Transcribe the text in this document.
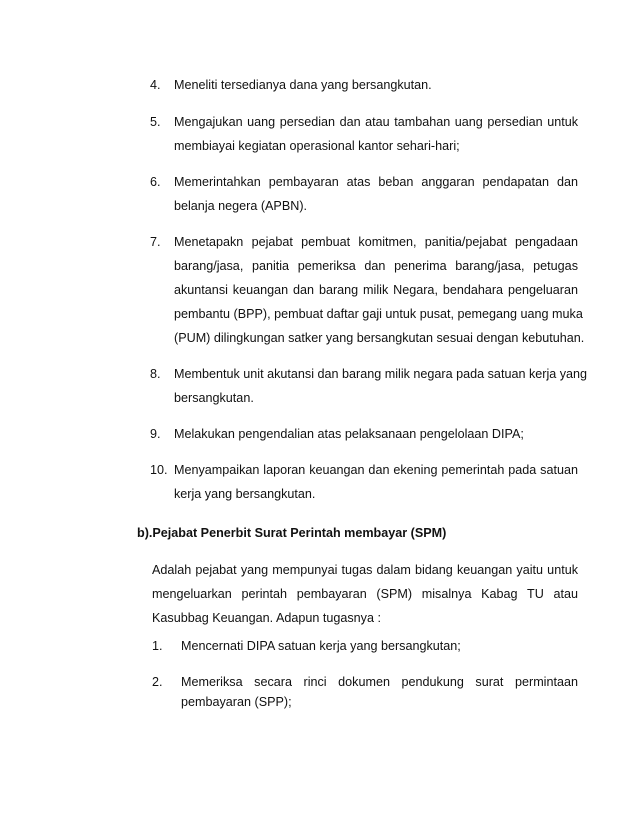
4. Meneliti tersedianya dana yang bersangkutan.
5. Mengajukan uang persedian dan atau tambahan uang persedian untuk
membiayai kegiatan operasional kantor sehari-hari;
6. Memerintahkan pembayaran atas beban anggaran pendapatan dan
belanja negera (APBN).
7. Menetapakn pejabat pembuat komitmen, panitia/pejabat pengadaan
barang/jasa, panitia pemeriksa dan penerima barang/jasa, petugas
akuntansi keuangan dan barang milik Negara, bendahara pengeluaran
pembantu (BPP), pembuat daftar gaji untuk pusat, pemegang uang muka
(PUM) dilingkungan satker yang bersangkutan sesuai dengan kebutuhan.
8. Membentuk unit akutansi dan barang milik negara pada satuan kerja yang
bersangkutan.
9. Melakukan pengendalian atas pelaksanaan pengelolaan DIPA;
10. Menyampaikan laporan keuangan dan ekening pemerintah pada satuan
kerja yang bersangkutan.
b).Pejabat Penerbit Surat Perintah membayar (SPM)
Adalah pejabat yang mempunyai tugas dalam bidang keuangan yaitu untuk
mengeluarkan perintah pembayaran (SPM) misalnya Kabag TU atau
Kasubbag Keuangan. Adapun tugasnya :
1. Mencernati DIPA satuan kerja yang bersangkutan;
2. Memeriksa secara rinci dokumen pendukung surat permintaan
pembayaran (SPP);
